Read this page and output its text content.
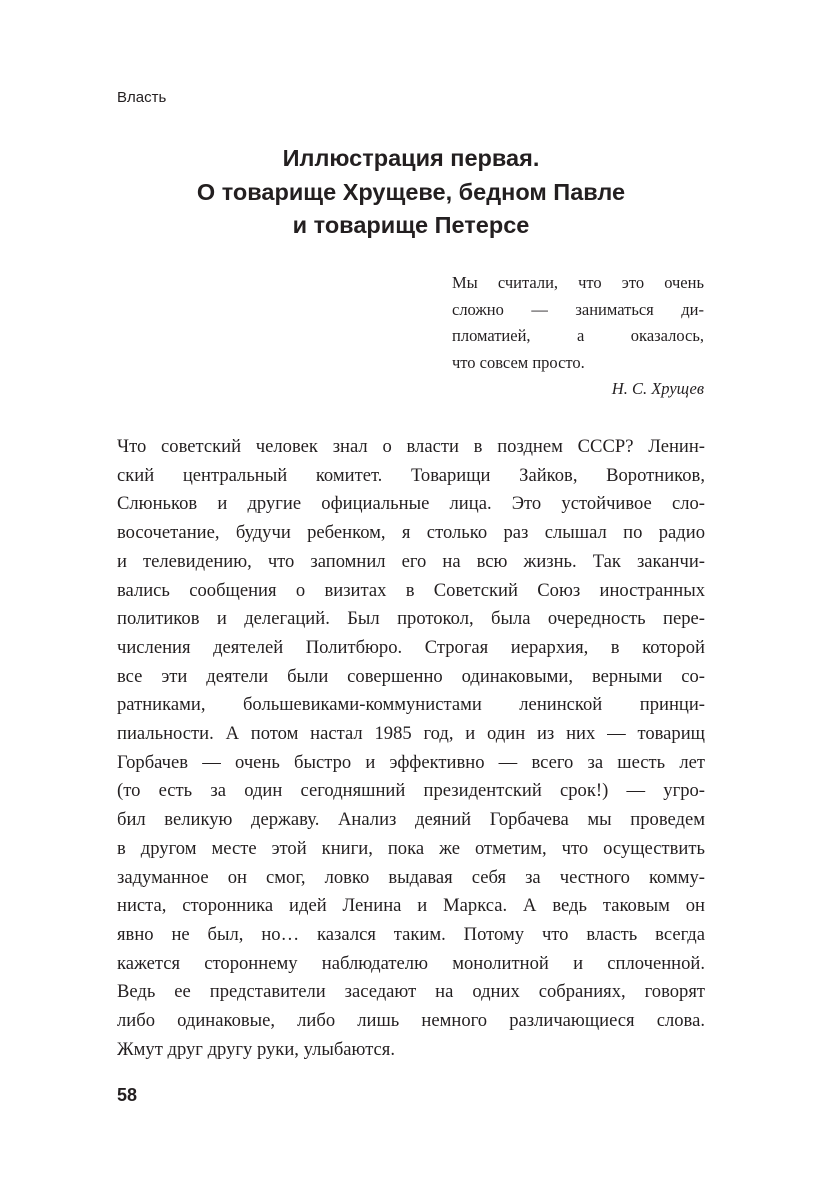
Власть
Иллюстрация первая.
О товарище Хрущеве, бедном Павле
и товарище Петерсе
Мы считали, что это очень
сложно — заниматься ди-
пломатией, а оказалось,
что совсем просто.
Н. С. Хрущев
Что советский человек знал о власти в позднем СССР? Ленин-
ский центральный комитет. Товарищи Зайков, Воротников,
Слюньков и другие официальные лица. Это устойчивое сло-
восочетание, будучи ребенком, я столько раз слышал по радио
и телевидению, что запомнил его на всю жизнь. Так заканчи-
вались сообщения о визитах в Советский Союз иностранных
политиков и делегаций. Был протокол, была очередность пере-
числения деятелей Политбюро. Строгая иерархия, в которой
все эти деятели были совершенно одинаковыми, верными со-
ратниками, большевиками-коммунистами ленинской принци-
пиальности. А потом настал 1985 год, и один из них — товарищ
Горбачев — очень быстро и эффективно — всего за шесть лет
(то есть за один сегодняшний президентский срок!) — угро-
бил великую державу. Анализ деяний Горбачева мы проведем
в другом месте этой книги, пока же отметим, что осуществить
задуманное он смог, ловко выдавая себя за честного комму-
ниста, сторонника идей Ленина и Маркса. А ведь таковым он
явно не был, но… казался таким. Потому что власть всегда
кажется стороннему наблюдателю монолитной и сплоченной.
Ведь ее представители заседают на одних собраниях, говорят
либо одинаковые, либо лишь немного различающиеся слова.
Жмут друг другу руки, улыбаются.
58
